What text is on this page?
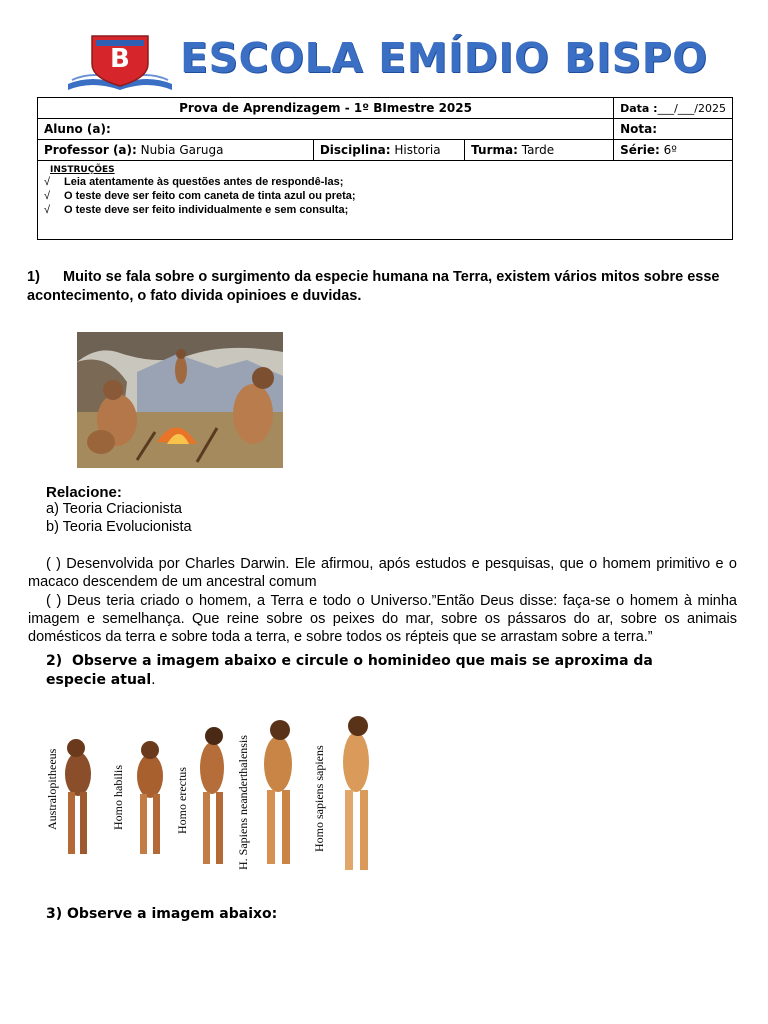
B ESCOLA EMÍDIO BISPO
Prova de Aprendizagem - 1º BImestre 2025			Data :___/___/2025
Aluno (a):			Nota:
Professor (a): Nubia Garuga	Disciplina: Historia	Turma: Tarde	Série: 6º

INSTRUÇÕES
√ Leia atentamente às questões antes de respondê-las;
√ O teste deve ser feito com caneta de tinta azul ou preta;
√ O teste deve ser feito individualmente e sem consulta;			
1) Muito se fala sobre o surgimento da especie humana na Terra, existem vários mitos sobre esse acontecimento, o fato divida opinioes e duvidas.
Relacione:
a) Teoria Criacionista
b) Teoria Evolucionista
( ) Desenvolvida por Charles Darwin. Ele afirmou, após estudos e pesquisas, que o homem primitivo e o macaco descendem de um ancestral comum
( ) Deus teria criado o homem, a Terra e todo o Universo.”Então Deus disse: faça-se o homem à minha imagem e semelhança. Que reine sobre os peixes do mar, sobre os pássaros do ar, sobre os animais domésticos da terra e sobre toda a terra, e sobre todos os répteis que se arrastam sobre a terra.”
2) Observe a imagem abaixo e circule o hominideo que mais se aproxima da especie atual.
Australopitheeus	Homo habilis	Homo erectus	H. Sapiens neanderthalensis	Homo sapiens sapiens
3) Observe a imagem abaixo:
